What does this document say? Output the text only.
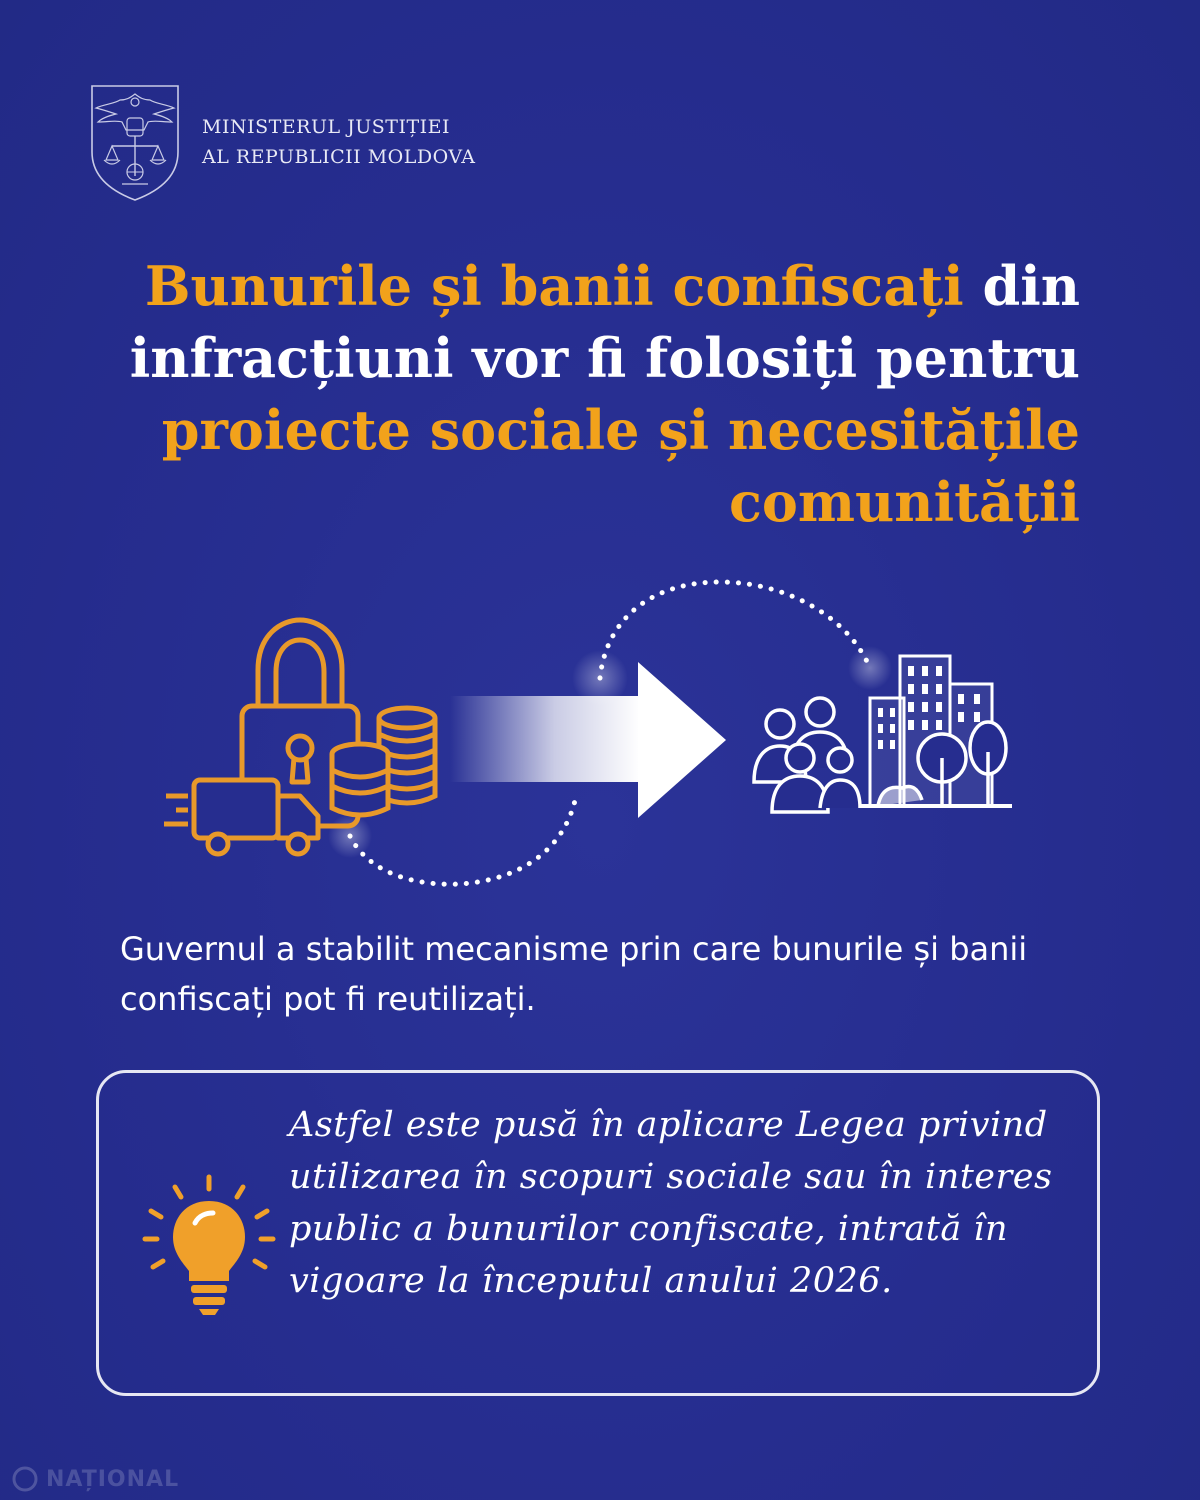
MINISTERUL JUSTIȚIEI
AL REPUBLICII MOLDOVA
Bunurile și banii confiscați din infracțiuni vor fi folosiți pentru proiecte sociale și necesitățile comunității
Guvernul a stabilit mecanisme prin care bunurile și banii confiscați pot fi reutilizați.
Astfel este pusă în aplicare Legea privind utilizarea în scopuri sociale sau în interes public a bunurilor confiscate, intrată în vigoare la începutul anului 2026.
NAȚIONAL
